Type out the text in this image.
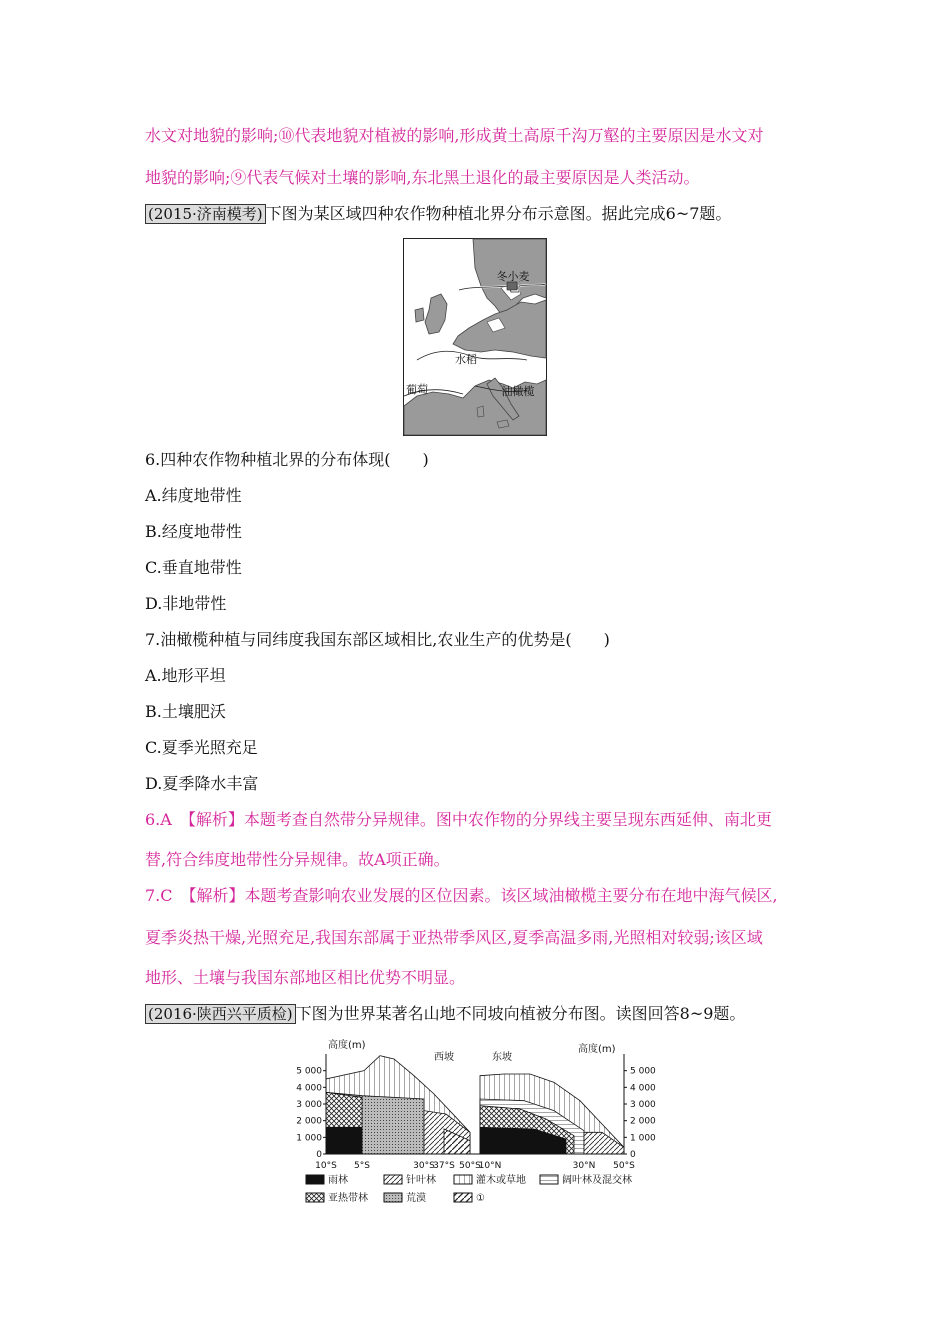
水文对地貌的影响;⑩代表地貌对植被的影响,形成黄土高原千沟万壑的主要原因是水文对
地貌的影响;⑨代表气候对土壤的影响,东北黑土退化的最主要原因是人类活动。
(2015·济南模考) 下图为某区域四种农作物种植北界分布示意图。据此完成6~7题。
冬小麦
水稻
葡萄	油橄榄
6.四种农作物种植北界的分布体现(　　)
A.纬度地带性
B.经度地带性
C.垂直地带性
D.非地带性
7.油橄榄种植与同纬度我国东部区域相比,农业生产的优势是(　　)
A.地形平坦
B.土壤肥沃
C.夏季光照充足
D.夏季降水丰富
6.A　【解析】本题考查自然带分异规律。图中农作物的分界线主要呈现东西延伸、南北更
替,符合纬度地带性分异规律。故A项正确。
7.C　【解析】本题考查影响农业发展的区位因素。该区域油橄榄主要分布在地中海气候区,
夏季炎热干燥,光照充足,我国东部属于亚热带季风区,夏季高温多雨,光照相对较弱;该区域
地形、土壤与我国东部地区相比优势不明显。
(2016·陕西兴平质检) 下图为世界某著名山地不同坡向植被分布图。读图回答8~9题。
5 000	5 000
4 000	4 000
3 000	3 000
2 000	2 000
1 000	1 000
0	0
10°S 5°S	30°S
37°S 50°S
10°N	30°N 50°S
高度(m)	高度(m)
西坡	东坡
雨林	针叶林	灌木或草地	阔叶林及混交林
亚热带林	荒漠	①
